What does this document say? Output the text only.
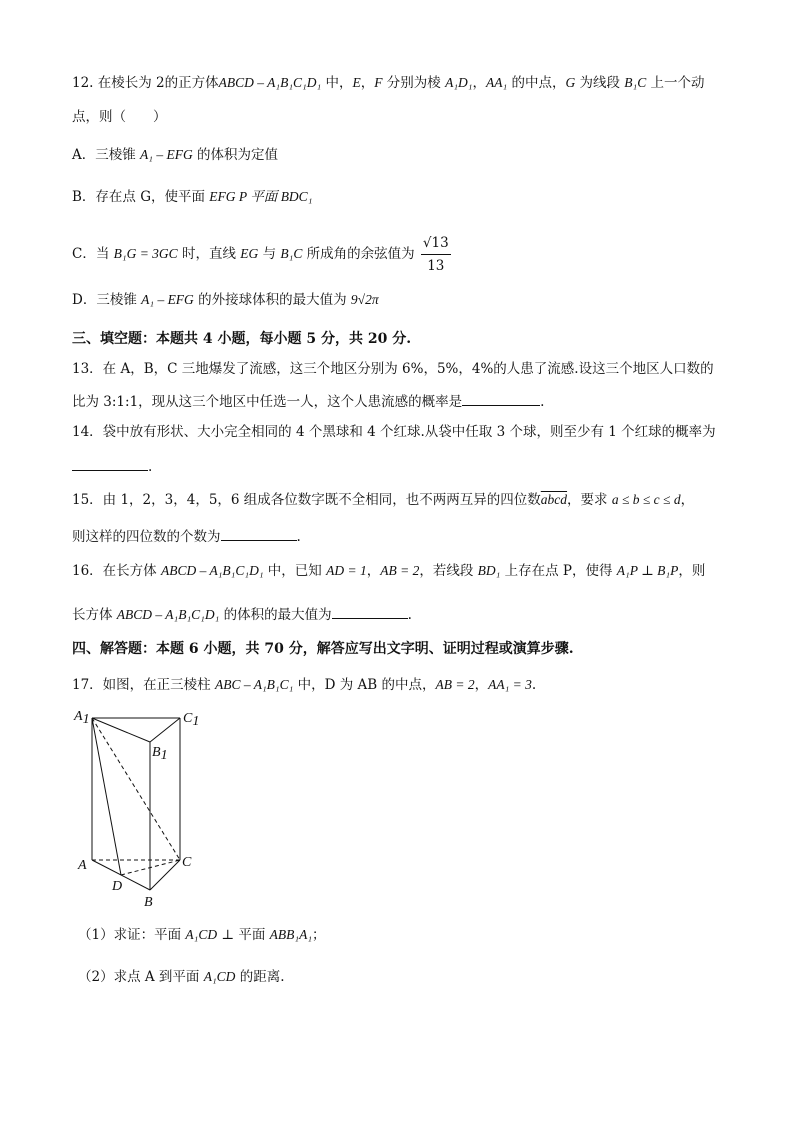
12. 在棱长为 2的正方体ABCD – A₁B₁C₁D₁ 中，E，F 分别为棱 A₁D₁，AA₁ 的中点，G 为线段 B₁C 上一个动
点，则（　　）
A．三棱锥 A₁ – EFG 的体积为定值
B．存在点 G，使平面 EFG P 平面 BDC₁
C．当 B₁G = 3GC 时，直线 EG 与 B₁C 所成角的余弦值为 $\frac{√13}{13}$
D．三棱锥 A₁ – EFG 的外接球体积的最大值为 9√2π
三、填空题：本题共 4 小题，每小题 5 分，共 20 分.
13．在 A，B，C 三地爆发了流感，这三个地区分别为 6%，5%，4%的人患了流感.设这三个地区人口数的
比为 3:1:1，现从这三个地区中任选一人，这个人患流感的概率是	.
14．袋中放有形状、大小完全相同的 4 个黑球和 4 个红球.从袋中任取 3 个球，则至少有 1 个红球的概率为
.
15．由 1，2，3，4，5，6 组成各位数字既不全相同，也不两两互异的四位数abcd，要求 a ≤ b ≤ c ≤ d，
则这样的四位数的个数为	.
16．在长方体 ABCD – A₁B₁C₁D₁ 中，已知 AD = 1，AB = 2，若线段 BD₁ 上存在点 P，使得 A₁P ⊥ B₁P，则
长方体 ABCD – A₁B₁C₁D₁ 的体积的最大值为	.
四、解答题：本题 6 小题，共 70 分，解答应写出文字明、证明过程或演算步骤.
17．如图，在正三棱柱 ABC – A₁B₁C₁ 中，D 为 AB 的中点，AB = 2，AA₁ = 3.
A1	C1
B1
A	C
D
B
（1）求证：平面 A₁CD ⊥ 平面 ABB₁A₁；
（2）求点 A 到平面 A₁CD 的距离.
